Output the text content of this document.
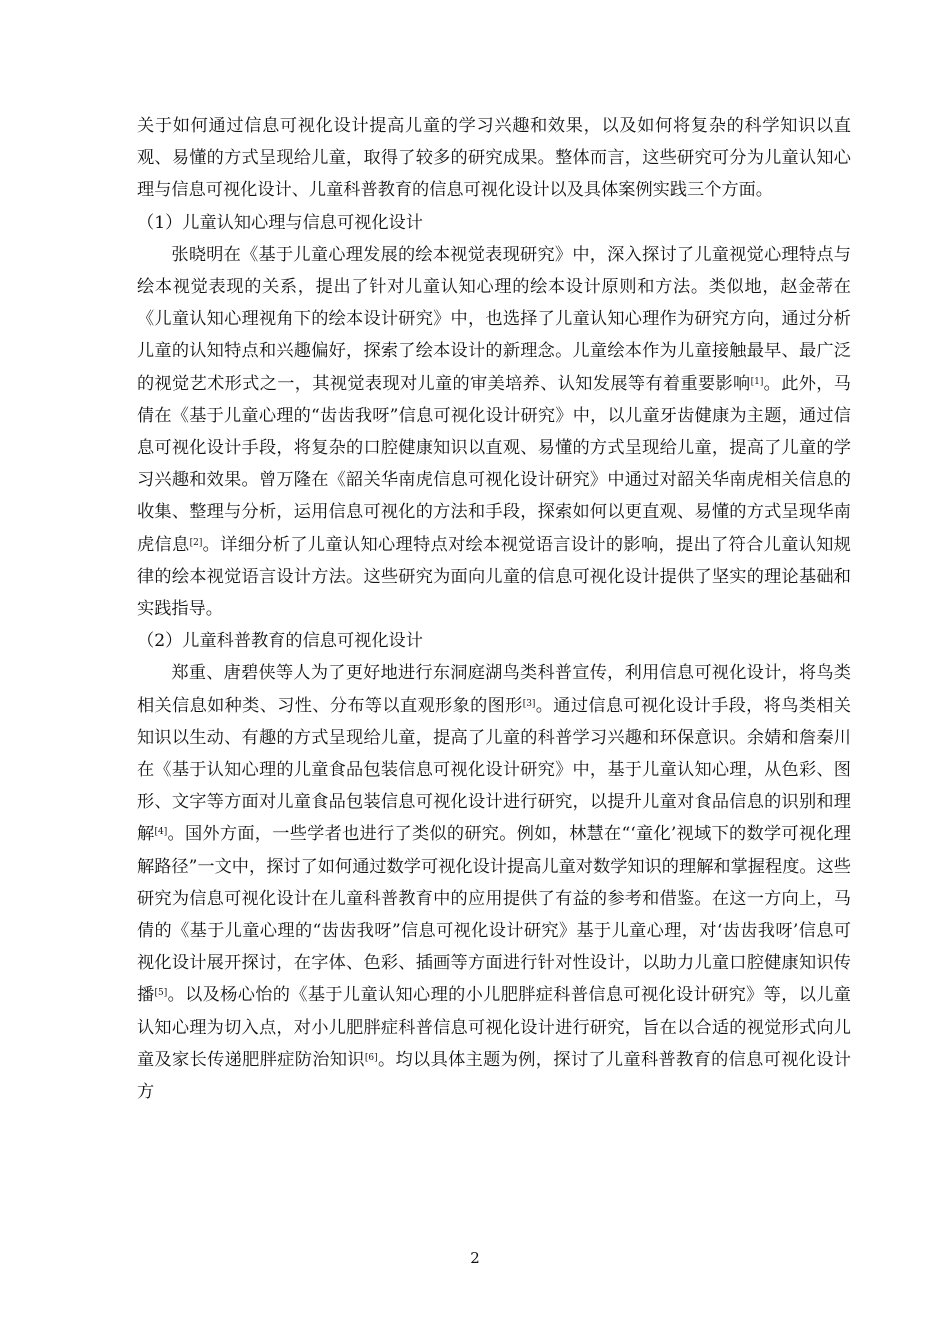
关于如何通过信息可视化设计提高儿童的学习兴趣和效果，以及如何将复杂的科学知识以直观、易懂的方式呈现给儿童，取得了较多的研究成果。整体而言，这些研究可分为儿童认知心理与信息可视化设计、儿童科普教育的信息可视化设计以及具体案例实践三个方面。

（1）儿童认知心理与信息可视化设计

张晓明在《基于儿童心理发展的绘本视觉表现研究》中，深入探讨了儿童视觉心理特点与绘本视觉表现的关系，提出了针对儿童认知心理的绘本设计原则和方法。类似地，赵金蒂在《儿童认知心理视角下的绘本设计研究》中，也选择了儿童认知心理作为研究方向，通过分析儿童的认知特点和兴趣偏好，探索了绘本设计的新理念。儿童绘本作为儿童接触最早、最广泛的视觉艺术形式之一，其视觉表现对儿童的审美培养、认知发展等有着重要影响[1]。此外，马倩在《基于儿童心理的“齿齿我呀”信息可视化设计研究》中，以儿童牙齿健康为主题，通过信息可视化设计手段，将复杂的口腔健康知识以直观、易懂的方式呈现给儿童，提高了儿童的学习兴趣和效果。曾万隆在《韶关华南虎信息可视化设计研究》中通过对韶关华南虎相关信息的收集、整理与分析，运用信息可视化的方法和手段，探索如何以更直观、易懂的方式呈现华南虎信息[2]。详细分析了儿童认知心理特点对绘本视觉语言设计的影响，提出了符合儿童认知规律的绘本视觉语言设计方法。这些研究为面向儿童的信息可视化设计提供了坚实的理论基础和实践指导。

（2）儿童科普教育的信息可视化设计

郑重、唐碧侠等人为了更好地进行东洞庭湖鸟类科普宣传，利用信息可视化设计，将鸟类相关信息如种类、习性、分布等以直观形象的图形[3]。通过信息可视化设计手段，将鸟类相关知识以生动、有趣的方式呈现给儿童，提高了儿童的科普学习兴趣和环保意识。余婧和詹秦川在《基于认知心理的儿童食品包装信息可视化设计研究》中，基于儿童认知心理，从色彩、图形、文字等方面对儿童食品包装信息可视化设计进行研究，以提升儿童对食品信息的识别和理解[4]。国外方面，一些学者也进行了类似的研究。例如，林慧在“‘童化’视域下的数学可视化理解路径”一文中，探讨了如何通过数学可视化设计提高儿童对数学知识的理解和掌握程度。这些研究为信息可视化设计在儿童科普教育中的应用提供了有益的参考和借鉴。在这一方向上，马倩的《基于儿童心理的“齿齿我呀”信息可视化设计研究》基于儿童心理，对‘齿齿我呀’信息可视化设计展开探讨，在字体、色彩、插画等方面进行针对性设计，以助力儿童口腔健康知识传播[5]。以及杨心怡的《基于儿童认知心理的小儿肥胖症科普信息可视化设计研究》等，以儿童认知心理为切入点，对小儿肥胖症科普信息可视化设计进行研究，旨在以合适的视觉形式向儿童及家长传递肥胖症防治知识[6]。均以具体主题为例，探讨了儿童科普教育的信息可视化设计方

2
